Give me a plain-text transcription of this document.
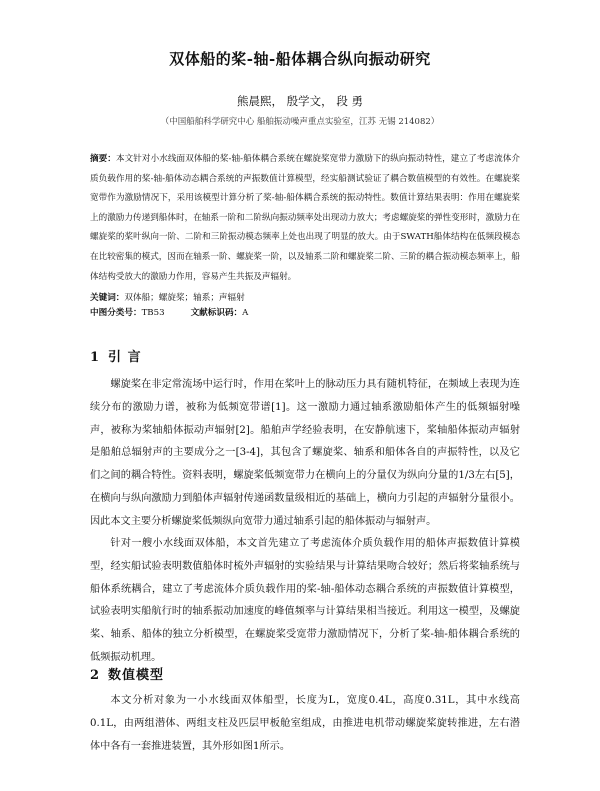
双体船的桨-轴-船体耦合纵向振动研究
熊晨熙， 殷学文， 段 勇
（中国船舶科学研究中心 船舶振动噪声重点实验室，江苏 无锡 214082）
摘要：本文针对小水线面双体船的桨-轴-船体耦合系统在螺旋桨宽带力激励下的纵向振动特性，建立了考虑流体介质负载作用的桨-轴-船体动态耦合系统的声振数值计算模型，经实船测试验证了耦合数值模型的有效性。在螺旋桨宽带作为激励情况下，采用该模型计算分析了桨-轴-船体耦合系统的振动特性。数值计算结果表明：作用在螺旋桨上的激励力传递到船体时，在轴系一阶和二阶纵向振动频率处出现动力放大；考虑螺旋桨的弹性变形时，激励力在螺旋桨的桨叶纵向一阶、二阶和三阶振动模态频率上处也出现了明显的放大。由于SWATH船体结构在低频段模态在比较密集的模式，因而在轴系一阶、螺旋桨一阶，以及轴系二阶和螺旋桨二阶、三阶的耦合振动模态频率上，船体结构受放大的激励力作用，容易产生共振及声辐射。
关键词：双体船；螺旋桨；轴系；声辐射
中图分类号：TB53	文献标识码：A
1 引 言
螺旋桨在非定常流场中运行时，作用在桨叶上的脉动压力具有随机特征，在频域上表现为连续分布的激励力谱，被称为低频宽带谱[1]。这一激励力通过轴系激励船体产生的低频辐射噪声，被称为桨轴船体振动声辐射[2]。船舶声学经验表明，在安静航速下，桨轴船体振动声辐射是船舶总辐射声的主要成分之一[3-4]，其包含了螺旋桨、轴系和船体各自的声振特性，以及它们之间的耦合特性。资料表明，螺旋桨低频宽带力在横向上的分量仅为纵向分量的1/3左右[5]，在横向与纵向激励力到船体声辐射传递函数量级相近的基础上，横向力引起的声辐射分量很小。因此本文主要分析螺旋桨低频纵向宽带力通过轴系引起的船体振动与辐射声。
针对一艘小水线面双体船，本文首先建立了考虑流体介质负载作用的船体声振数值计算模型，经实船试验表明数值船体时梳外声辐射的实验结果与计算结果吻合较好；然后将桨轴系统与船体系统耦合，建立了考虑流体介质负载作用的桨-轴-船体动态耦合系统的声振数值计算模型，试验表明实船航行时的轴系振动加速度的峰值频率与计算结果相当接近。利用这一模型，及螺旋桨、轴系、船体的独立分析模型，在螺旋桨受宽带力激励情况下，分析了桨-轴-船体耦合系统的低频振动机理。
2 数值模型
本文分析对象为一小水线面双体船型，长度为L，宽度0.4L，高度0.31L，其中水线高0.1L，由两组潜体、两组支柱及匹层甲板舱室组成，由推进电机带动螺旋桨旋转推进，左右潜体中各有一套推进装置，其外形如图1所示。
